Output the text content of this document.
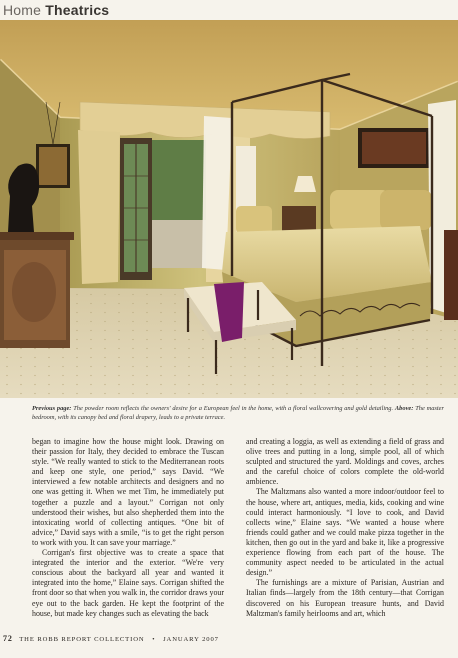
Home Theatrics
Previous page: The powder room reflects the owners' desire for a European feel in the home, with a floral wallcovering and gold detailing. Above: The master bedroom, with its canopy bed and floral drapery, leads to a private terrace.

began to imagine how the house might look. Drawing on their passion for Italy, they decided to embrace the Tuscan style. “We really wanted to stick to the Mediterranean roots and keep one style, one period,” says David. “We interviewed a few notable architects and designers and no one was getting it. When we met Tim, he immediately put together a puzzle and a layout.” Corrigan not only understood their wishes, but also shepherded them into the intoxicating world of collecting antiques. “One bit of advice,” David says with a smile, “is to get the right person to work with you. It can save your marriage.”

Corrigan's first objective was to create a space that integrated the interior and the exterior. “We're very conscious about the backyard all year and wanted it integrated into the home,” Elaine says. Corrigan shifted the front door so that when you walk in, the corridor draws your eye out to the back garden. He kept the footprint of the house, but made key changes such as elevating the back

and creating a loggia, as well as extending a field of grass and olive trees and putting in a long, simple pool, all of which sculpted and structured the yard. Moldings and coves, arches and the careful choice of colors complete the old-world ambience.

The Maltzmans also wanted a more indoor/outdoor feel to the house, where art, antiques, media, kids, cooking and wine could interact harmoniously. “I love to cook, and David collects wine,” Elaine says. “We wanted a house where friends could gather and we could make pizza together in the kitchen, then go out in the yard and bake it, like a progressive experience flowing from each part of the house. The community aspect needed to be articulated in the actual design.”

The furnishings are a mixture of Parisian, Austrian and Italian finds—largely from the 18th century—that Corrigan discovered on his European treasure hunts, and David Maltzman's family heirlooms and art, which

72 THE ROBB REPORT COLLECTION   •   JANUARY 2007
